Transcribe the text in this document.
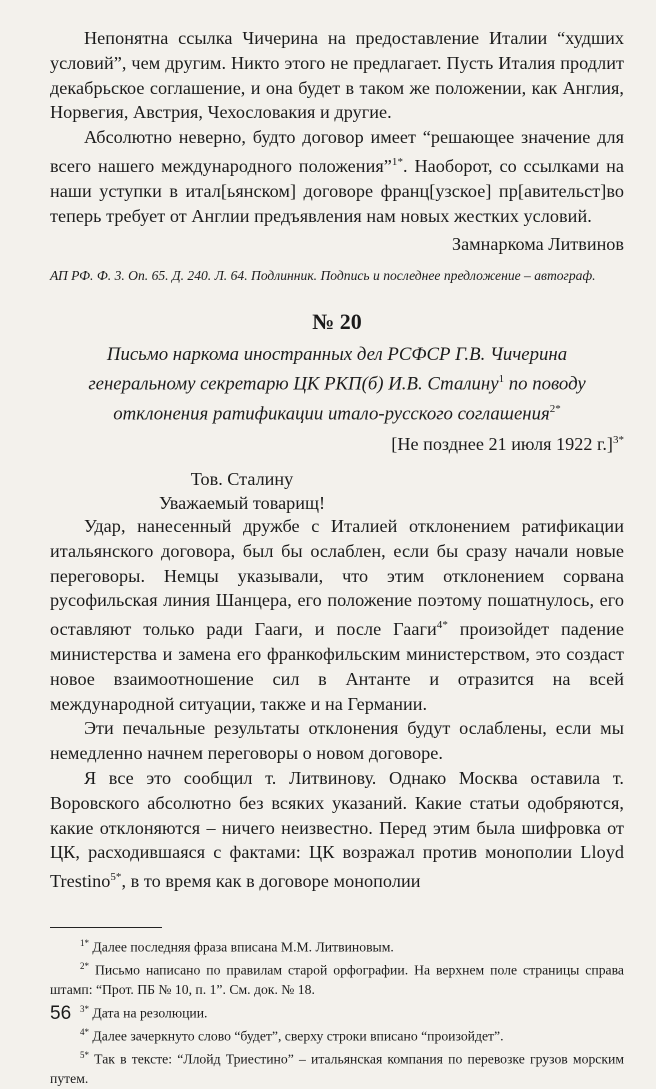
Непонятна ссылка Чичерина на предоставление Италии “худших условий”, чем другим. Никто этого не предлагает. Пусть Италия продлит декабрьское соглашение, и она будет в таком же положении, как Англия, Норвегия, Австрия, Чехословакия и другие.

Абсолютно неверно, будто договор имеет “решающее значение для всего нашего международного положения”$^{1*}$. Наоборот, со ссылками на наши уступки в итал[ьянском] договоре франц[узское] пр[авительст]во теперь требует от Англии предъявления нам новых жестких условий.

Замнаркома Литвинов

АП РФ. Ф. 3. Оп. 65. Д. 240. Л. 64. Подлинник. Подпись и последнее предложение – автограф.

№ 20

Письмо наркома иностранных дел РСФСР Г.В. Чичерина генеральному секретарю ЦК РКП(б) И.В. Сталину$^1$ по поводу отклонения ратификации итало-русского соглашения$^{2*}$

[Не позднее 21 июля 1922 г.]$^{3*}$

Тов. Сталину

Уважаемый товарищ!

Удар, нанесенный дружбе с Италией отклонением ратификации итальянского договора, был бы ослаблен, если бы сразу начали новые переговоры. Немцы указывали, что этим отклонением сорвана русофильская линия Шанцера, его положение поэтому пошатнулось, его оставляют только ради Гааги, и после Гааги$^{4*}$ произойдет падение министерства и замена его франкофильским министерством, это создаст новое взаимоотношение сил в Антанте и отразится на всей международной ситуации, также и на Германии.

Эти печальные результаты отклонения будут ослаблены, если мы немедленно начнем переговоры о новом договоре.

Я все это сообщил т. Литвинову. Однако Москва оставила т. Воровского абсолютно без всяких указаний. Какие статьи одобряются, какие отклоняются – ничего неизвестно. Перед этим была шифровка от ЦК, расходившаяся с фактами: ЦК возражал против монополии Lloyd Trestino$^{5*}$, в то время как в договоре монополии

$^{1*}$ Далее последняя фраза вписана М.М. Литвиновым.

$^{2*}$ Письмо написано по правилам старой орфографии. На верхнем поле страницы справа штамп: “Прот. ПБ № 10, п. 1”. См. док. № 18.

$^{3*}$ Дата на резолюции.

$^{4*}$ Далее зачеркнуто слово “будет”, сверху строки вписано “произойдет”.

$^{5*}$ Так в тексте: “Ллойд Триестино” – итальянская компания по перевозке грузов морским путем.

56
